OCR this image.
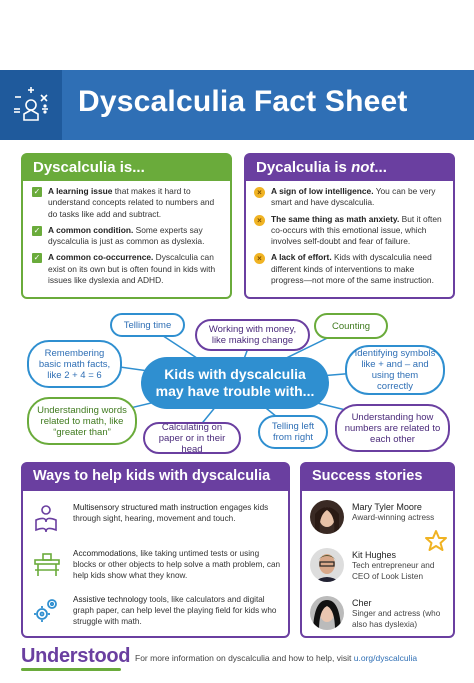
Dyscalculia Fact Sheet
Dyscalculia is...
✓ A learning issue that makes it hard to understand concepts related to numbers and do tasks like add and subtract.
✓ A common condition. Some experts say dyscalculia is just as common as dyslexia.
✓ A common co-occurrence. Dyscalculia can exist on its own but is often found in kids with issues like dyslexia and ADHD.
Dycalculia is not...
×	A sign of low intelligence. You can be very smart and have dyscalculia.
×	The same thing as math anxiety. But it often co-occurs with this emotional issue, which involves self-doubt and fear of failure.
×	A lack of effort. Kids with dyscalculia need different kinds of interventions to make progress—not more of the same instruction.
Telling time	Working with money, like making change
Counting
Remembering basic math facts, like 2 + 4 = 6
Identifying symbols like + and – and using them correctly
Understanding words related to math, like “greater than”	Calculating on paper or in their head
Telling left from right
Understanding how numbers are related to each other
Kids with dyscalculia
may have trouble with...
Ways to help kids with dyscalculia
Multisensory structured math instruction engages kids through sight, hearing, movement and touch.
Accommodations, like taking untimed tests or using blocks or other objects to help solve a math problem, can help kids show what they know.
Assistive technology tools, like calculators and digital graph paper, can help level the playing field for kids who struggle with math.
Success stories
Mary Tyler Moore
Award-winning actress
Kit Hughes
Tech entrepreneur and CEO of Look Listen
Cher
Singer and actress (who also has dyslexia)
Understood For more information on dyscalculia and how to help, visit u.org/dyscalculia
